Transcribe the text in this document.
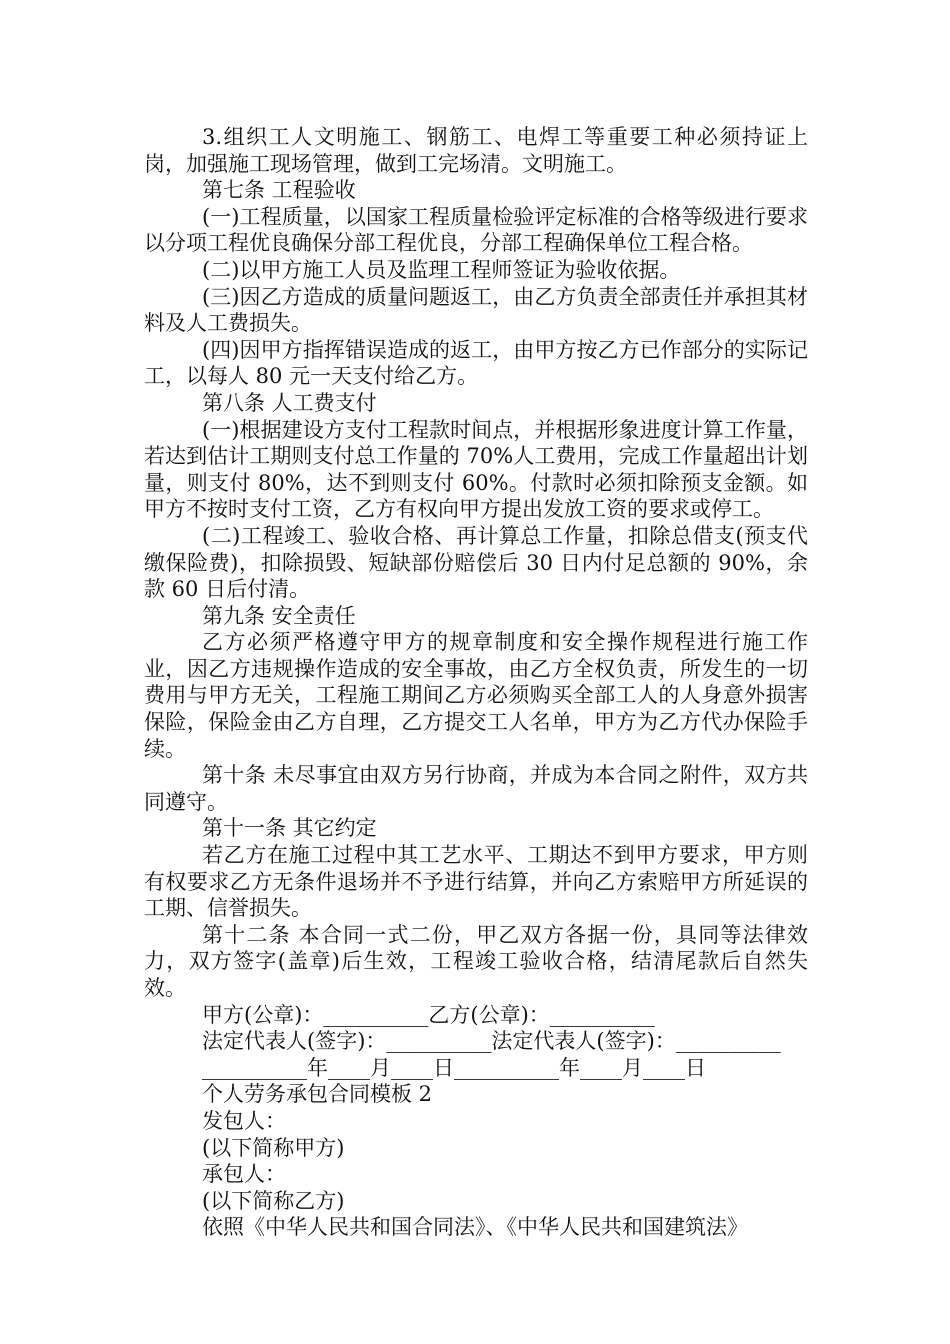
3.组织工人文明施工、钢筋工、电焊工等重要工种必须持证上岗，加强施工现场管理，做到工完场清。文明施工。

第七条 工程验收

(一)工程质量，以国家工程质量检验评定标准的合格等级进行要求以分项工程优良确保分部工程优良，分部工程确保单位工程合格。

(二)以甲方施工人员及监理工程师签证为验收依据。

(三)因乙方造成的质量问题返工，由乙方负责全部责任并承担其材料及人工费损失。

(四)因甲方指挥错误造成的返工，由甲方按乙方已作部分的实际记工，以每人 80 元一天支付给乙方。

第八条 人工费支付

(一)根据建设方支付工程款时间点，并根据形象进度计算工作量，若达到估计工期则支付总工作量的 70%人工费用，完成工作量超出计划量，则支付 80%，达不到则支付 60%。付款时必须扣除预支金额。如甲方不按时支付工资，乙方有权向甲方提出发放工资的要求或停工。

(二)工程竣工、验收合格、再计算总工作量，扣除总借支(预支代缴保险费)，扣除损毁、短缺部份赔偿后 30 日内付足总额的 90%，余款 60 日后付清。

第九条 安全责任

乙方必须严格遵守甲方的规章制度和安全操作规程进行施工作业，因乙方违规操作造成的安全事故，由乙方全权负责，所发生的一切费用与甲方无关，工程施工期间乙方必须购买全部工人的人身意外损害保险，保险金由乙方自理，乙方提交工人名单，甲方为乙方代办保险手续。

第十条 未尽事宜由双方另行协商，并成为本合同之附件，双方共同遵守。

第十一条 其它约定

若乙方在施工过程中其工艺水平、工期达不到甲方要求，甲方则有权要求乙方无条件退场并不予进行结算，并向乙方索赔甲方所延误的工期、信誉损失。

第十二条 本合同一式二份，甲乙双方各据一份，具同等法律效力，双方签字(盖章)后生效，工程竣工验收合格，结清尾款后自然失效。

甲方(公章)：__________乙方(公章)：__________

法定代表人(签字)：__________法定代表人(签字)：__________

__________年____月____日__________年____月____日

个人劳务承包合同模板 2

发包人：

(以下简称甲方)

承包人：

(以下简称乙方)

依照《中华人民共和国合同法》、《中华人民共和国建筑法》
